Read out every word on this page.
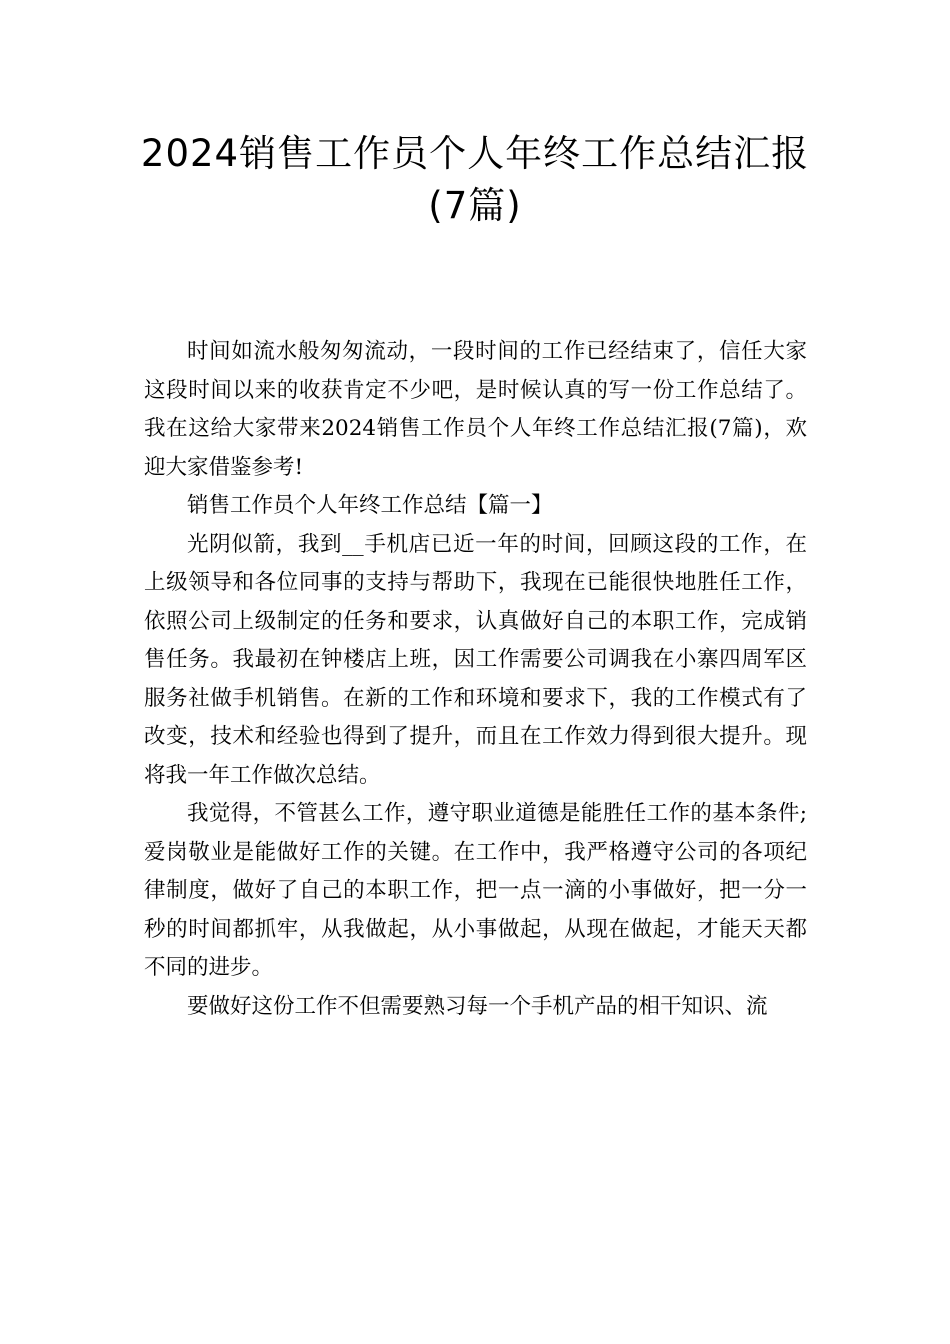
2024销售工作员个人年终工作总结汇报
(7篇)

时间如流水般匆匆流动，一段时间的工作已经结束了，信任大家这段时间以来的收获肯定不少吧，是时候认真的写一份工作总结了。我在这给大家带来2024销售工作员个人年终工作总结汇报(7篇)，欢迎大家借鉴参考!

销售工作员个人年终工作总结【篇一】

光阴似箭，我到__手机店已近一年的时间，回顾这段的工作，在上级领导和各位同事的支持与帮助下，我现在已能很快地胜任工作，依照公司上级制定的任务和要求，认真做好自己的本职工作，完成销售任务。我最初在钟楼店上班，因工作需要公司调我在小寨四周军区服务社做手机销售。在新的工作和环境和要求下，我的工作模式有了改变，技术和经验也得到了提升，而且在工作效力得到很大提升。现将我一年工作做次总结。

我觉得，不管甚么工作，遵守职业道德是能胜任工作的基本条件;爱岗敬业是能做好工作的关键。在工作中，我严格遵守公司的各项纪律制度，做好了自己的本职工作，把一点一滴的小事做好，把一分一秒的时间都抓牢，从我做起，从小事做起，从现在做起，才能天天都不同的进步。

要做好这份工作不但需要熟习每一个手机产品的相干知识、流
